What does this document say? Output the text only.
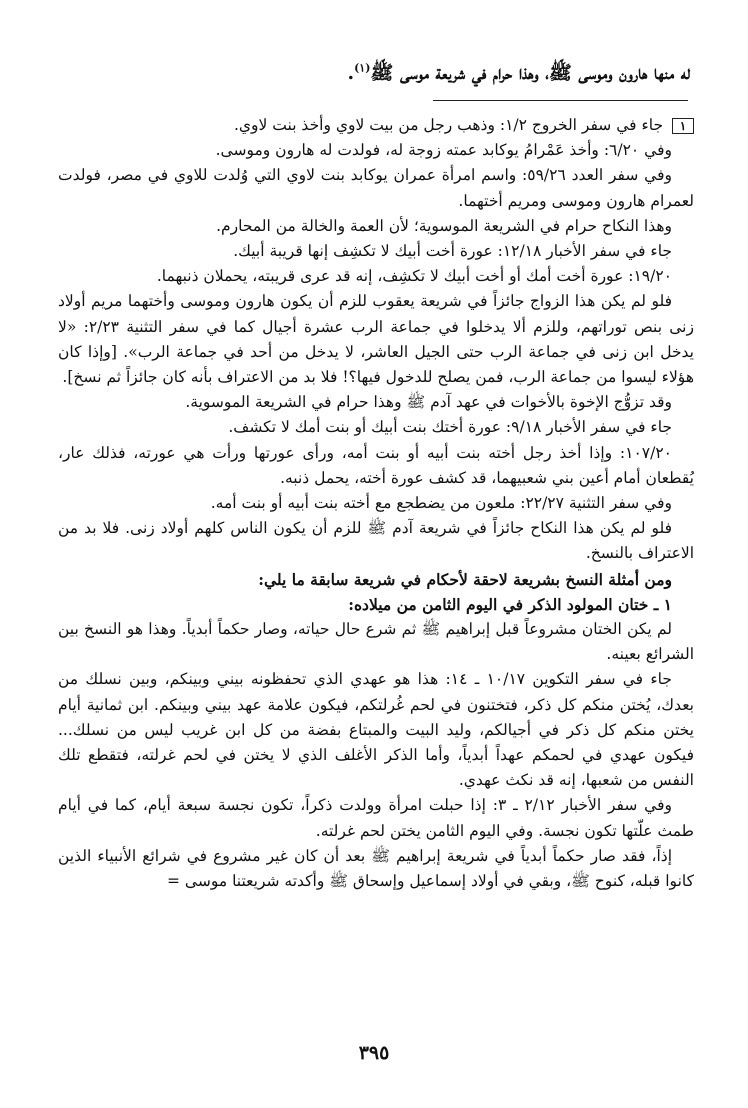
له منها هارون وموسى ﷺ، وهذا حرام في شريعة موسى ﷺ$^{(١)}$.

١ جاء في سفر الخروج ١/٢: وذهب رجل من بيت لاوي وأخذ بنت لاوي.

وفي ٦/٢٠: وأخذ عَمْرامُ يوكابد عمته زوجة له، فولدت له هارون وموسى.

وفي سفر العدد ٥٩/٢٦: واسم امرأة عمران يوكابد بنت لاوي التي وُلدت للاوي في مصر، فولدت لعمرام هارون وموسى ومريم أختهما.

وهذا النكاح حرام في الشريعة الموسوية؛ لأن العمة والخالة من المحارم.

جاء في سفر الأخبار ١٢/١٨: عورة أخت أبيك لا تكشِف إنها قريبة أبيك.

١٩/٢٠: عورة أخت أمك أو أخت أبيك لا تكشِف، إنه قد عرى قريبته، يحملان ذنبهما.

فلو لم يكن هذا الزواج جائزاً في شريعة يعقوب للزم أن يكون هارون وموسى وأختهما مريم أولاد زنى بنص توراتهم، وللزم ألا يدخلوا في جماعة الرب عشرة أجيال كما في سفر التثنية ٢/٢٣: «لا يدخل ابن زنى في جماعة الرب حتى الجيل العاشر، لا يدخل من أحد في جماعة الرب». [وإذا كان هؤلاء ليسوا من جماعة الرب، فمن يصلح للدخول فيها؟! فلا بد من الاعتراف بأنه كان جائزاً ثم نسخ].

وقد تزوُّج الإخوة بالأخوات في عهد آدم ﷺ وهذا حرام في الشريعة الموسوية.

جاء في سفر الأخبار ٩/١٨: عورة أختك بنت أبيك أو بنت أمك لا تكشف.

١٠٧/٢٠: وإذا أخذ رجل أخته بنت أبيه أو بنت أمه، ورأى عورتها ورأت هي عورته، فذلك عار، يُقطعان أمام أعين بني شعبيهما، قد كشف عورة أخته، يحمل ذنبه.

وفي سفر التثنية ٢٢/٢٧: ملعون من يضطجع مع أخته بنت أبيه أو بنت أمه.

فلو لم يكن هذا النكاح جائزاً في شريعة آدم ﷺ للزم أن يكون الناس كلهم أولاد زنى. فلا بد من الاعتراف بالنسخ.

ومن أمثلة النسخ بشريعة لاحقة لأحكام في شريعة سابقة ما يلي:

١ ـ ختان المولود الذكر في اليوم الثامن من ميلاده:

لم يكن الختان مشروعاً قبل إبراهيم ﷺ ثم شرع حال حياته، وصار حكماً أبدياً. وهذا هو النسخ بين الشرائع بعينه.

جاء في سفر التكوين ١٠/١٧ ـ ١٤: هذا هو عهدي الذي تحفظونه بيني وبينكم، وبين نسلك من بعدك، يُختن منكم كل ذكر، فتختنون في لحم غُرلتكم، فيكون علامة عهد بيني وبينكم. ابن ثمانية أيام يختن منكم كل ذكر في أجيالكم، وليد البيت والمبتاع بفضة من كل ابن غريب ليس من نسلك... فيكون عهدي في لحمكم عهداً أبدياً، وأما الذكر الأغلف الذي لا يختن في لحم غرلته، فتقطع تلك النفس من شعبها، إنه قد نكث عهدي.

وفي سفر الأخبار ٢/١٢ ـ ٣: إذا حبلت امرأة وولدت ذكراً، تكون نجسة سبعة أيام، كما في أيام طمث علّتها تكون نجسة. وفي اليوم الثامن يختن لحم غرلته.

إذاً، فقد صار حكماً أبدياً في شريعة إبراهيم ﷺ بعد أن كان غير مشروع في شرائع الأنبياء الذين كانوا قبله، كنوح ﷺ، وبقي في أولاد إسماعيل وإسحاق ﷺ وأكدته شريعتنا موسى =

٣٩٥
